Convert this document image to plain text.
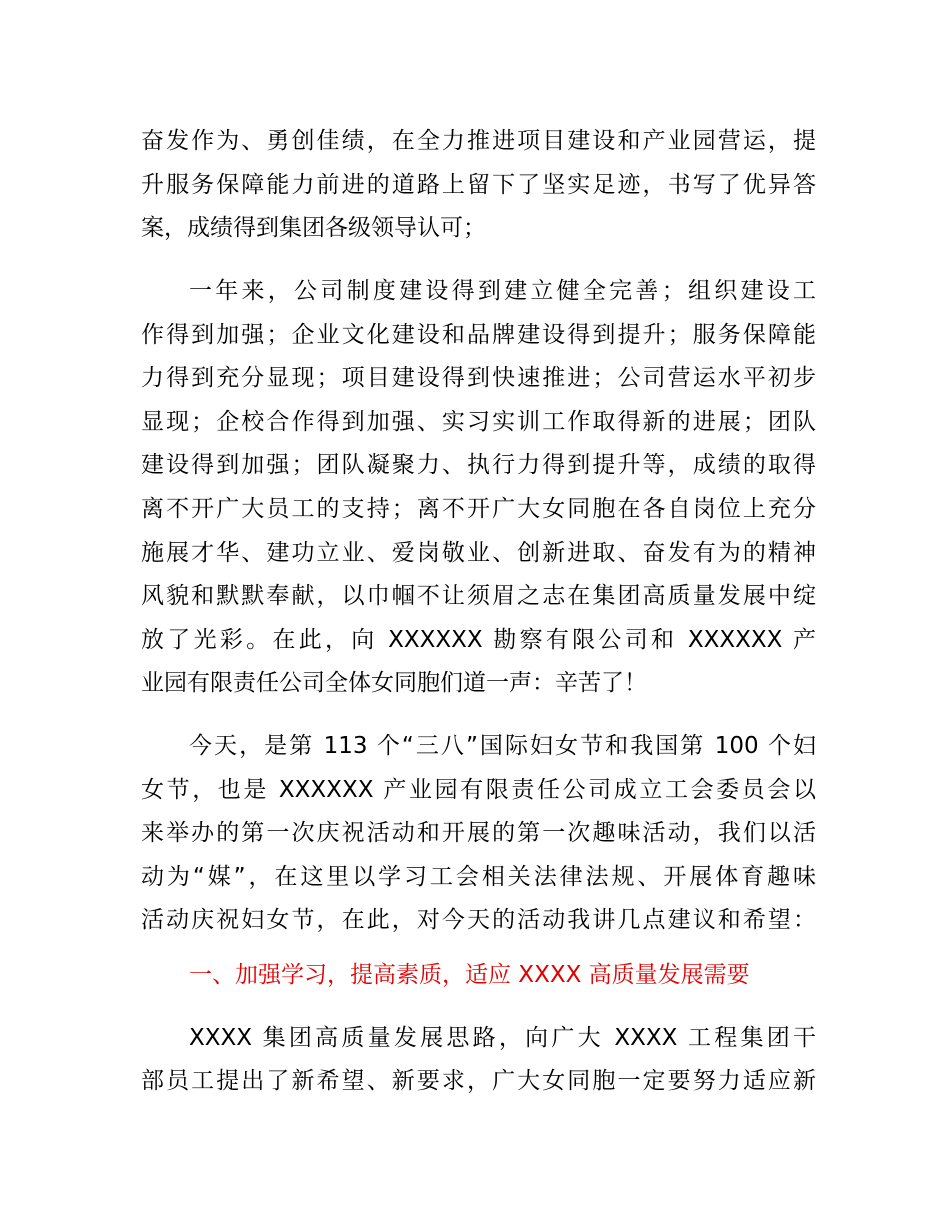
奋发作为、勇创佳绩，在全力推进项目建设和产业园营运，提
升服务保障能力前进的道路上留下了坚实足迹，书写了优异答
案，成绩得到集团各级领导认可；
一年来，公司制度建设得到建立健全完善；组织建设工
作得到加强；企业文化建设和品牌建设得到提升；服务保障能
力得到充分显现；项目建设得到快速推进；公司营运水平初步
显现；企校合作得到加强、实习实训工作取得新的进展；团队
建设得到加强；团队凝聚力、执行力得到提升等，成绩的取得
离不开广大员工的支持；离不开广大女同胞在各自岗位上充分
施展才华、建功立业、爱岗敬业、创新进取、奋发有为的精神
风貌和默默奉献，以巾帼不让须眉之志在集团高质量发展中绽
放了光彩。在此，向 XXXXXX 勘察有限公司和 XXXXXX 产
业园有限责任公司全体女同胞们道一声：辛苦了！
今天，是第 113 个“三八”国际妇女节和我国第 100 个妇
女节，也是 XXXXXX 产业园有限责任公司成立工会委员会以
来举办的第一次庆祝活动和开展的第一次趣味活动，我们以活
动为“媒”，在这里以学习工会相关法律法规、开展体育趣味
活动庆祝妇女节，在此，对今天的活动我讲几点建议和希望：
一、加强学习，提高素质，适应 XXXX 高质量发展需要
XXXX 集团高质量发展思路，向广大 XXXX 工程集团干
部员工提出了新希望、新要求，广大女同胞一定要努力适应新
